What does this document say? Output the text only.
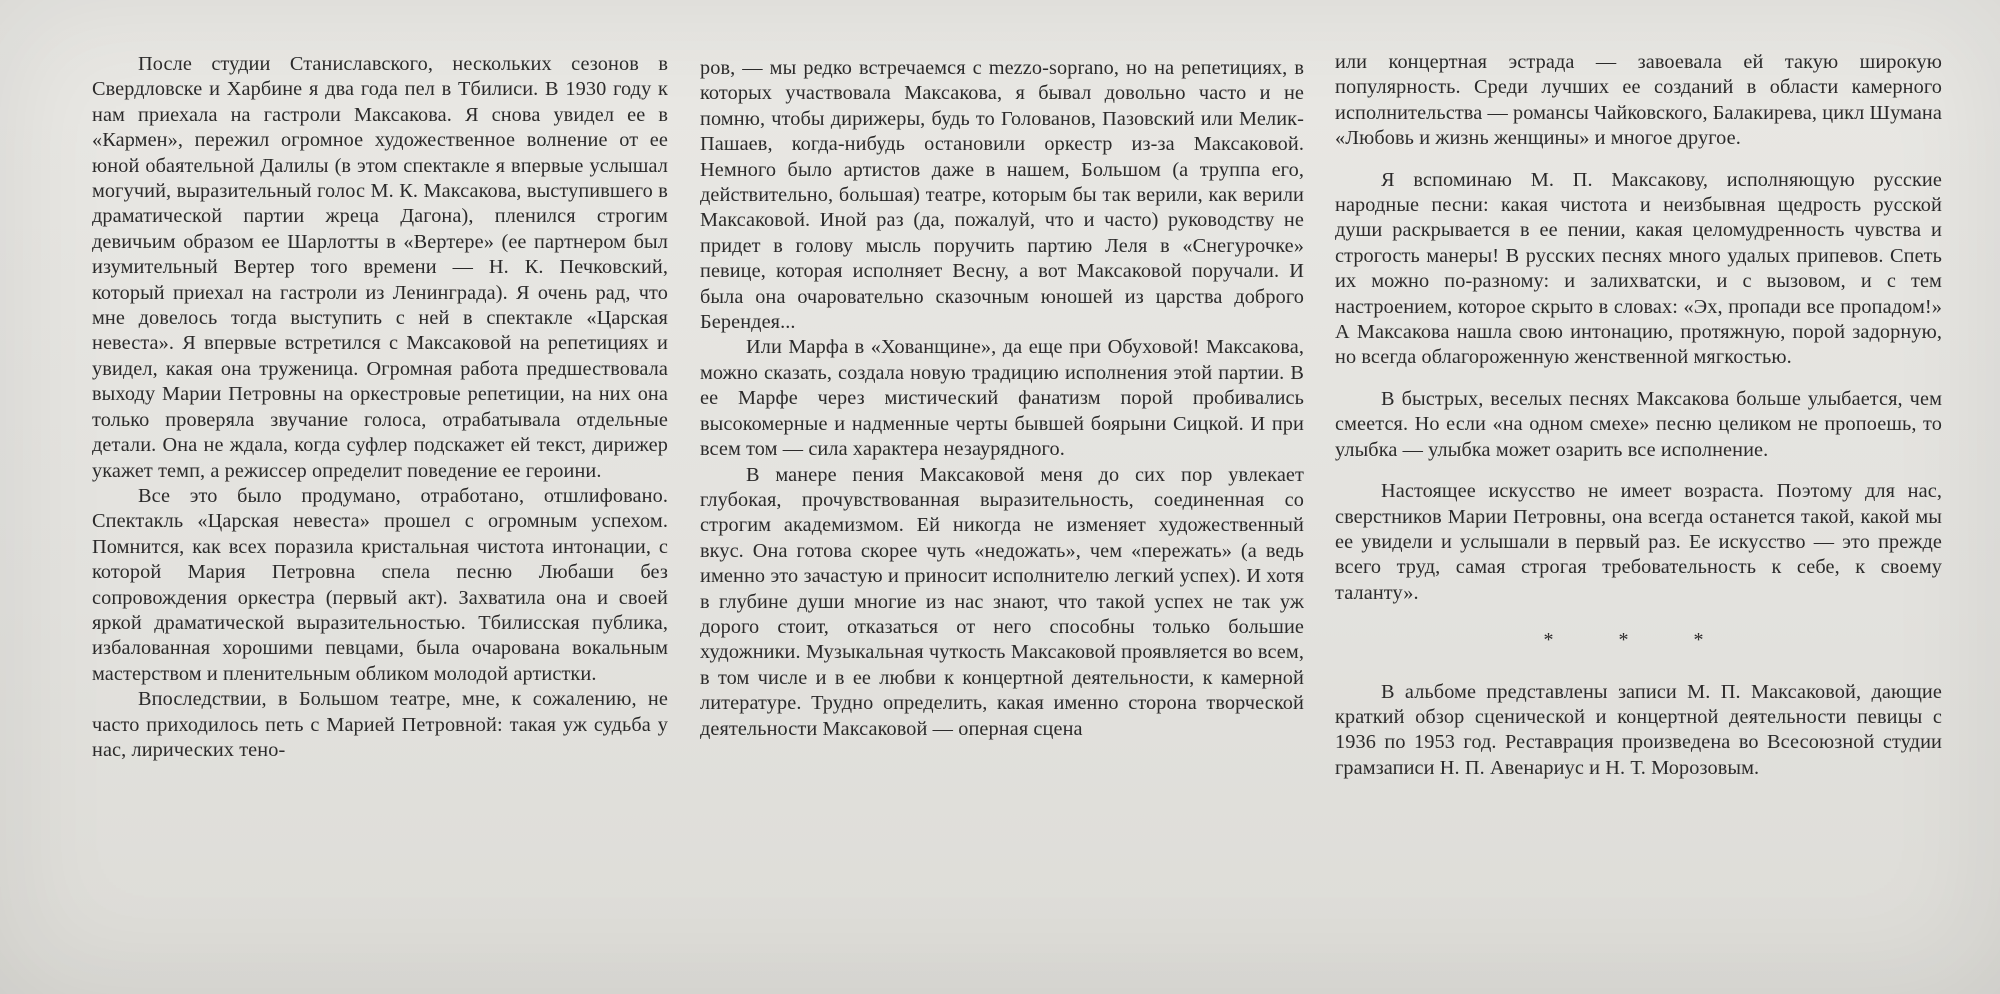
После студии Станиславского, нескольких сезонов в Свердловске и Харбине я два года пел в Тбилиси. В 1930 году к нам приехала на гастроли Максакова. Я снова увидел ее в «Кармен», пережил огромное художественное волнение от ее юной обаятельной Далилы (в этом спектакле я впервые услышал могучий, выразительный голос М. К. Максакова, выступившего в драматической партии жреца Дагона), пленился строгим девичьим образом ее Шарлотты в «Вертере» (ее партнером был изумительный Вертер того времени — Н. К. Печковский, который приехал на гастроли из Ленинграда). Я очень рад, что мне довелось тогда выступить с ней в спектакле «Царская невеста». Я впервые встретился с Максаковой на репетициях и увидел, какая она труженица. Огромная работа предшествовала выходу Марии Петровны на оркестровые репетиции, на них она только проверяла звучание голоса, отрабатывала отдельные детали. Она не ждала, когда суфлер подскажет ей текст, дирижер укажет темп, а режиссер определит поведение ее героини.

Все это было продумано, отработано, отшлифовано. Спектакль «Царская невеста» прошел с огромным успехом. Помнится, как всех поразила кристальная чистота интонации, с которой Мария Петровна спела песню Любаши без сопровождения оркестра (первый акт). Захватила она и своей яркой драматической выразительностью. Тбилисская публика, избалованная хорошими певцами, была очарована вокальным мастерством и пленительным обликом молодой артистки.

Впоследствии, в Большом театре, мне, к сожалению, не часто приходилось петь с Марией Петровной: такая уж судьба у нас, лирических тено-

ров, — мы редко встречаемся с mezzo-soprano, но на репетициях, в которых участвовала Максакова, я бывал довольно часто и не помню, чтобы дирижеры, будь то Голованов, Пазовский или Мелик-Пашаев, когда-нибудь остановили оркестр из-за Максаковой. Немного было артистов даже в нашем, Большом (а труппа его, действительно, большая) театре, которым бы так верили, как верили Максаковой. Иной раз (да, пожалуй, что и часто) руководству не придет в голову мысль поручить партию Леля в «Снегурочке» певице, которая исполняет Весну, а вот Максаковой поручали. И была она очаровательно сказочным юношей из царства доброго Берендея...

Или Марфа в «Хованщине», да еще при Обуховой! Максакова, можно сказать, создала новую традицию исполнения этой партии. В ее Марфе через мистический фанатизм порой пробивались высокомерные и надменные черты бывшей боярыни Сицкой. И при всем том — сила характера незаурядного.

В манере пения Максаковой меня до сих пор увлекает глубокая, прочувствованная выразительность, соединенная со строгим академизмом. Ей никогда не изменяет художественный вкус. Она готова скорее чуть «недожать», чем «пережать» (а ведь именно это зачастую и приносит исполнителю легкий успех). И хотя в глубине души многие из нас знают, что такой успех не так уж дорого стоит, отказаться от него способны только большие художники. Музыкальная чуткость Максаковой проявляется во всем, в том числе и в ее любви к концертной деятельности, к камерной литературе. Трудно определить, какая именно сторона творческой деятельности Максаковой — оперная сцена

или концертная эстрада — завоевала ей такую широкую популярность. Среди лучших ее созданий в области камерного исполнительства — романсы Чайковского, Балакирева, цикл Шумана «Любовь и жизнь женщины» и многое другое.

Я вспоминаю М. П. Максакову, исполняющую русские народные песни: какая чистота и неизбывная щедрость русской души раскрывается в ее пении, какая целомудренность чувства и строгость манеры! В русских песнях много удалых припевов. Спеть их можно по-разному: и залихватски, и с вызовом, и с тем настроением, которое скрыто в словах: «Эх, пропади все пропадом!» А Максакова нашла свою интонацию, протяжную, порой задорную, но всегда облагороженную женственной мягкостью.

В быстрых, веселых песнях Максакова больше улыбается, чем смеется. Но если «на одном смехе» песню целиком не пропоешь, то улыбка — улыбка может озарить все исполнение.

Настоящее искусство не имеет возраста. Поэтому для нас, сверстников Марии Петровны, она всегда останется такой, какой мы ее увидели и услышали в первый раз. Ее искусство — это прежде всего труд, самая строгая требовательность к себе, к своему таланту».

* * *

В альбоме представлены записи М. П. Максаковой, дающие краткий обзор сценической и концертной деятельности певицы с 1936 по 1953 год. Реставрация произведена во Всесоюзной студии грамзаписи Н. П. Авенариус и Н. Т. Морозовым.
